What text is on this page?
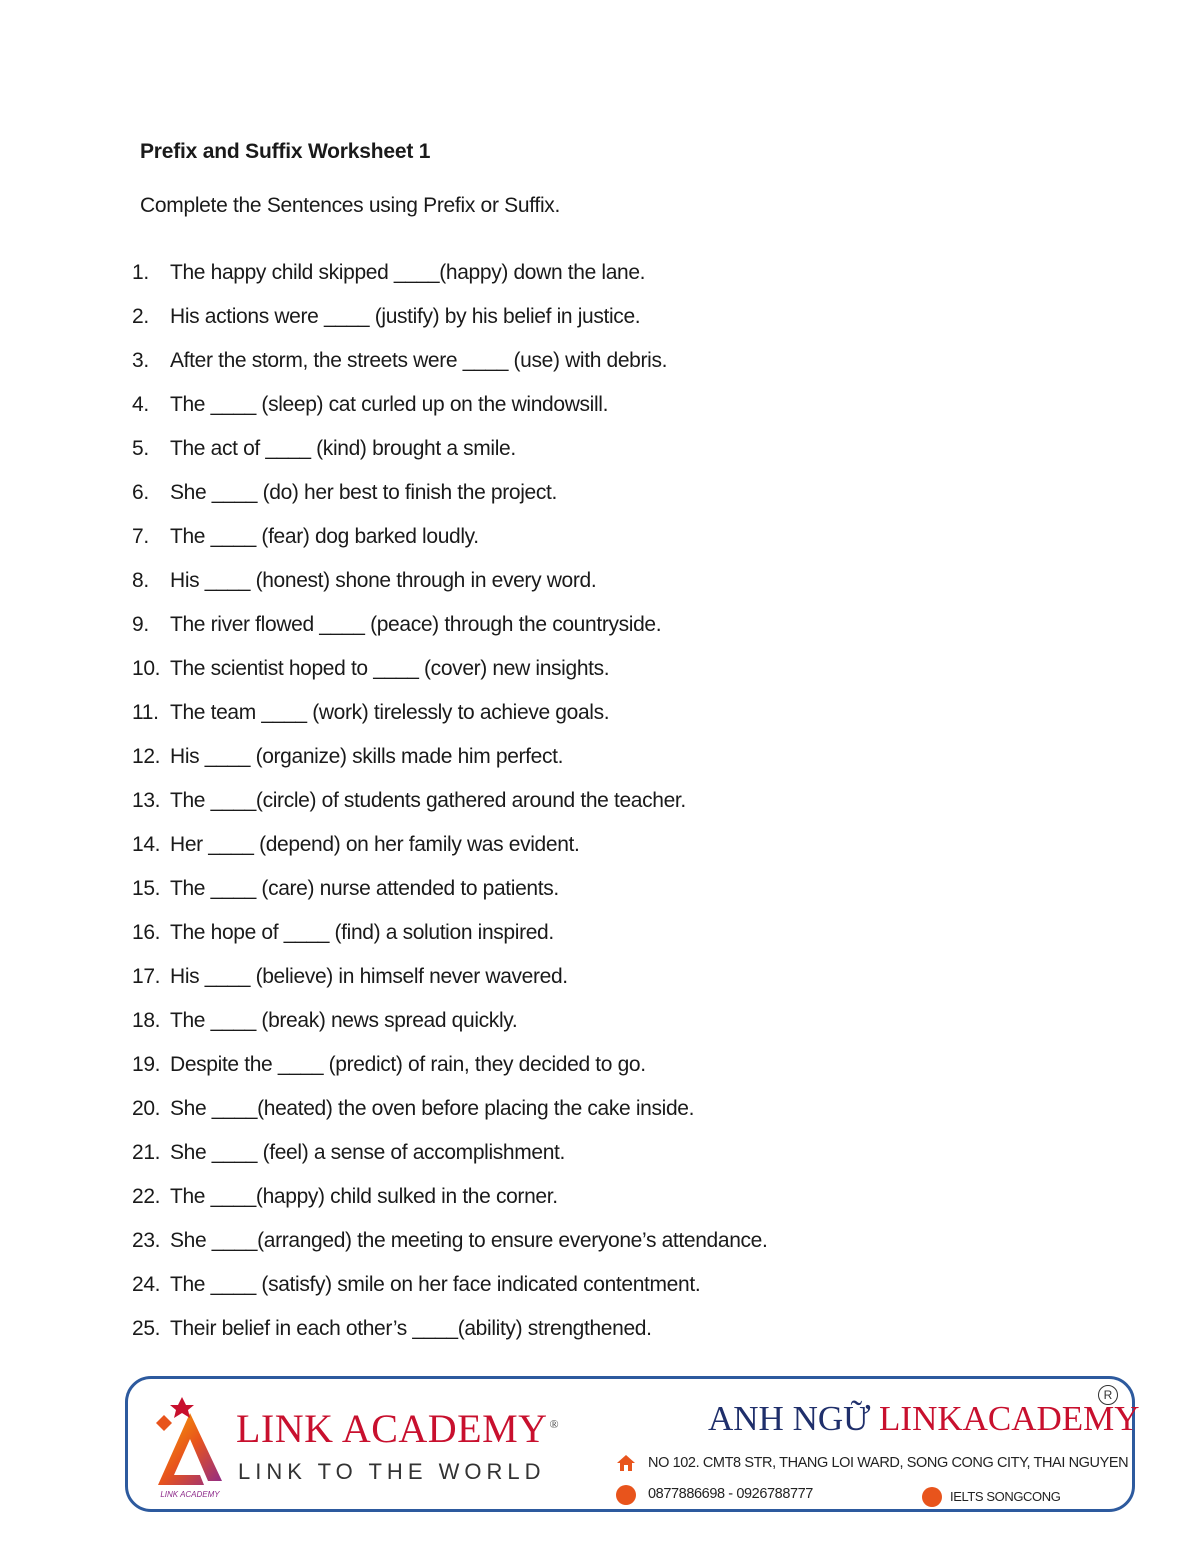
Prefix and Suffix Worksheet 1
Complete the Sentences using Prefix or Suffix.
1. The happy child skipped ____(happy) down the lane.
2. His actions were ____ (justify) by his belief in justice.
3. After the storm, the streets were ____ (use) with debris.
4. The ____ (sleep) cat curled up on the windowsill.
5. The act of ____ (kind) brought a smile.
6. She ____ (do) her best to finish the project.
7. The ____ (fear) dog barked loudly.
8. His ____ (honest) shone through in every word.
9. The river flowed ____ (peace) through the countryside.
10. The scientist hoped to ____ (cover) new insights.
11. The team ____ (work) tirelessly to achieve goals.
12. His ____ (organize) skills made him perfect.
13. The ____(circle) of students gathered around the teacher.
14. Her ____ (depend) on her family was evident.
15. The ____ (care) nurse attended to patients.
16. The hope of ____ (find) a solution inspired.
17. His ____ (believe) in himself never wavered.
18. The ____ (break) news spread quickly.
19. Despite the ____ (predict) of rain, they decided to go.
20. She ____(heated) the oven before placing the cake inside.
21. She ____ (feel) a sense of accomplishment.
22. The ____(happy) child sulked in the corner.
23. She ____(arranged) the meeting to ensure everyone’s attendance.
24. The ____ (satisfy) smile on her face indicated contentment.
25. Their belief in each other’s ____(ability) strengthened.
LINK ACADEMY
LINK ACADEMY ®
LINK TO THE WORLD
ANH NGỮ LINKACADEMY
R
NO 102. CMT8 STR, THANG LOI WARD, SONG CONG CITY, THAI NGUYEN
0877886698 - 0926788777	IELTS SONGCONG
